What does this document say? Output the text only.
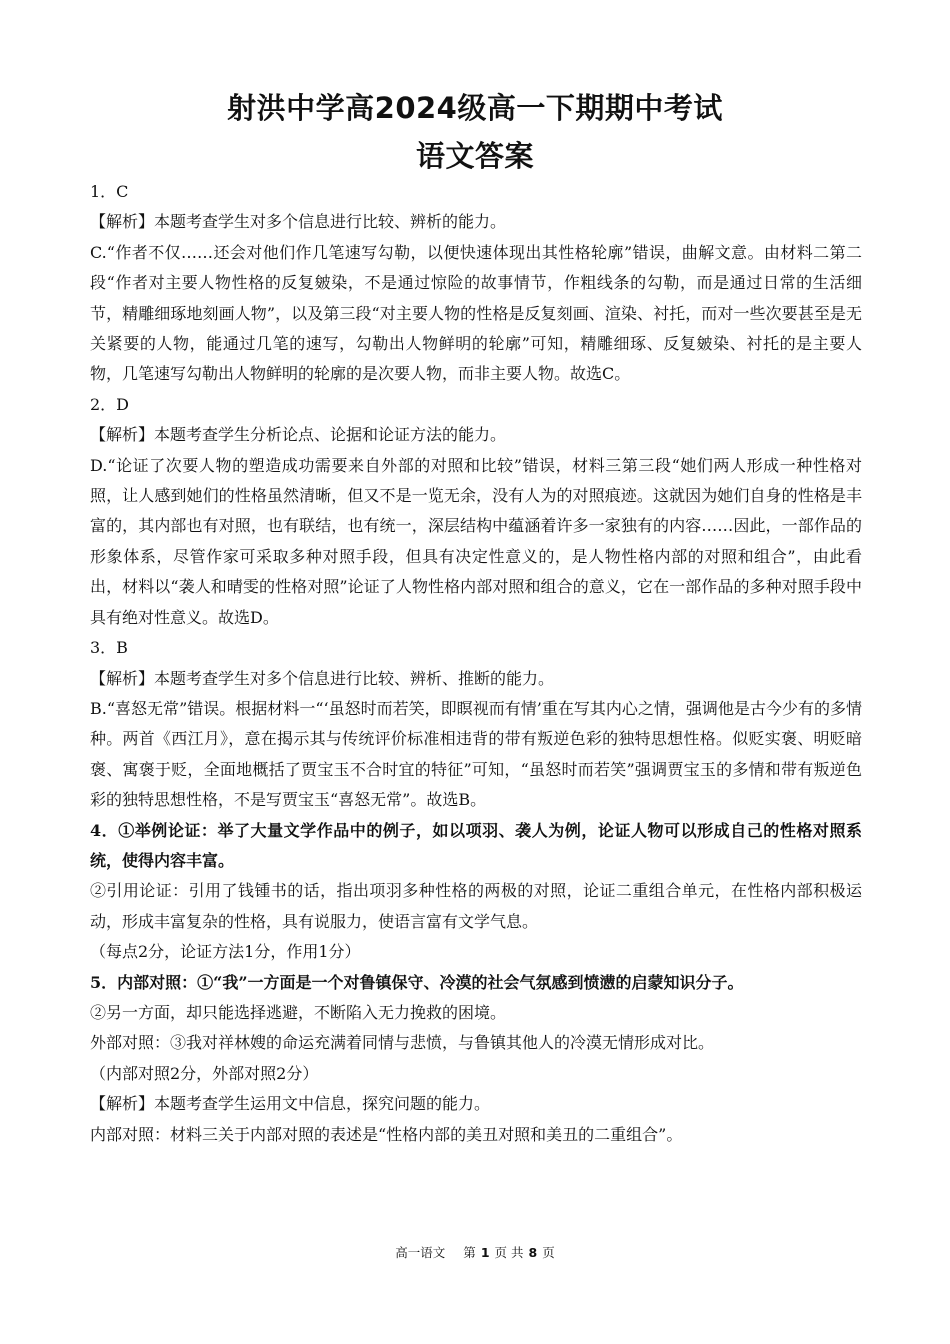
射洪中学高2024级高一下期期中考试
语文答案

1．C

【解析】本题考查学生对多个信息进行比较、辨析的能力。

C.“作者不仅……还会对他们作几笔速写勾勒，以便快速体现出其性格轮廓”错误，曲解文意。由材料二第二段“作者对主要人物性格的反复皴染，不是通过惊险的故事情节，作粗线条的勾勒，而是通过日常的生活细节，精雕细琢地刻画人物”，以及第三段“对主要人物的性格是反复刻画、渲染、衬托，而对一些次要甚至是无关紧要的人物，能通过几笔的速写，勾勒出人物鲜明的轮廓”可知，精雕细琢、反复皴染、衬托的是主要人物，几笔速写勾勒出人物鲜明的轮廓的是次要人物，而非主要人物。故选C。

2．D

【解析】本题考查学生分析论点、论据和论证方法的能力。

D.“论证了次要人物的塑造成功需要来自外部的对照和比较”错误，材料三第三段“她们两人形成一种性格对照，让人感到她们的性格虽然清晰，但又不是一览无余，没有人为的对照痕迹。这就因为她们自身的性格是丰富的，其内部也有对照，也有联结，也有统一，深层结构中蕴涵着许多一家独有的内容……因此，一部作品的形象体系，尽管作家可采取多种对照手段，但具有决定性意义的，是人物性格内部的对照和组合”，由此看出，材料以“袭人和晴雯的性格对照”论证了人物性格内部对照和组合的意义，它在一部作品的多种对照手段中具有绝对性意义。故选D。

3．B

【解析】本题考查学生对多个信息进行比较、辨析、推断的能力。

B.“喜怒无常”错误。根据材料一“‘虽怒时而若笑，即瞑视而有情’重在写其内心之情，强调他是古今少有的多情种。两首《西江月》，意在揭示其与传统评价标准相违背的带有叛逆色彩的独特思想性格。似贬实褒、明贬暗褒、寓褒于贬，全面地概括了贾宝玉不合时宜的特征”可知，“虽怒时而若笑”强调贾宝玉的多情和带有叛逆色彩的独特思想性格，不是写贾宝玉“喜怒无常”。故选B。

4．①举例论证：举了大量文学作品中的例子，如以项羽、袭人为例，论证人物可以形成自己的性格对照系统，使得内容丰富。

②引用论证：引用了钱锺书的话，指出项羽多种性格的两极的对照，论证二重组合单元，在性格内部积极运动，形成丰富复杂的性格，具有说服力，使语言富有文学气息。

（每点2分，论证方法1分，作用1分）

5．内部对照：①“我”一方面是一个对鲁镇保守、冷漠的社会气氛感到愤懑的启蒙知识分子。

②另一方面，却只能选择逃避，不断陷入无力挽救的困境。

外部对照：③我对祥林嫂的命运充满着同情与悲愤，与鲁镇其他人的冷漠无情形成对比。

（内部对照2分，外部对照2分）

【解析】本题考查学生运用文中信息，探究问题的能力。

内部对照：材料三关于内部对照的表述是“性格内部的美丑对照和美丑的二重组合”。

高一语文 第 1 页 共 8 页
